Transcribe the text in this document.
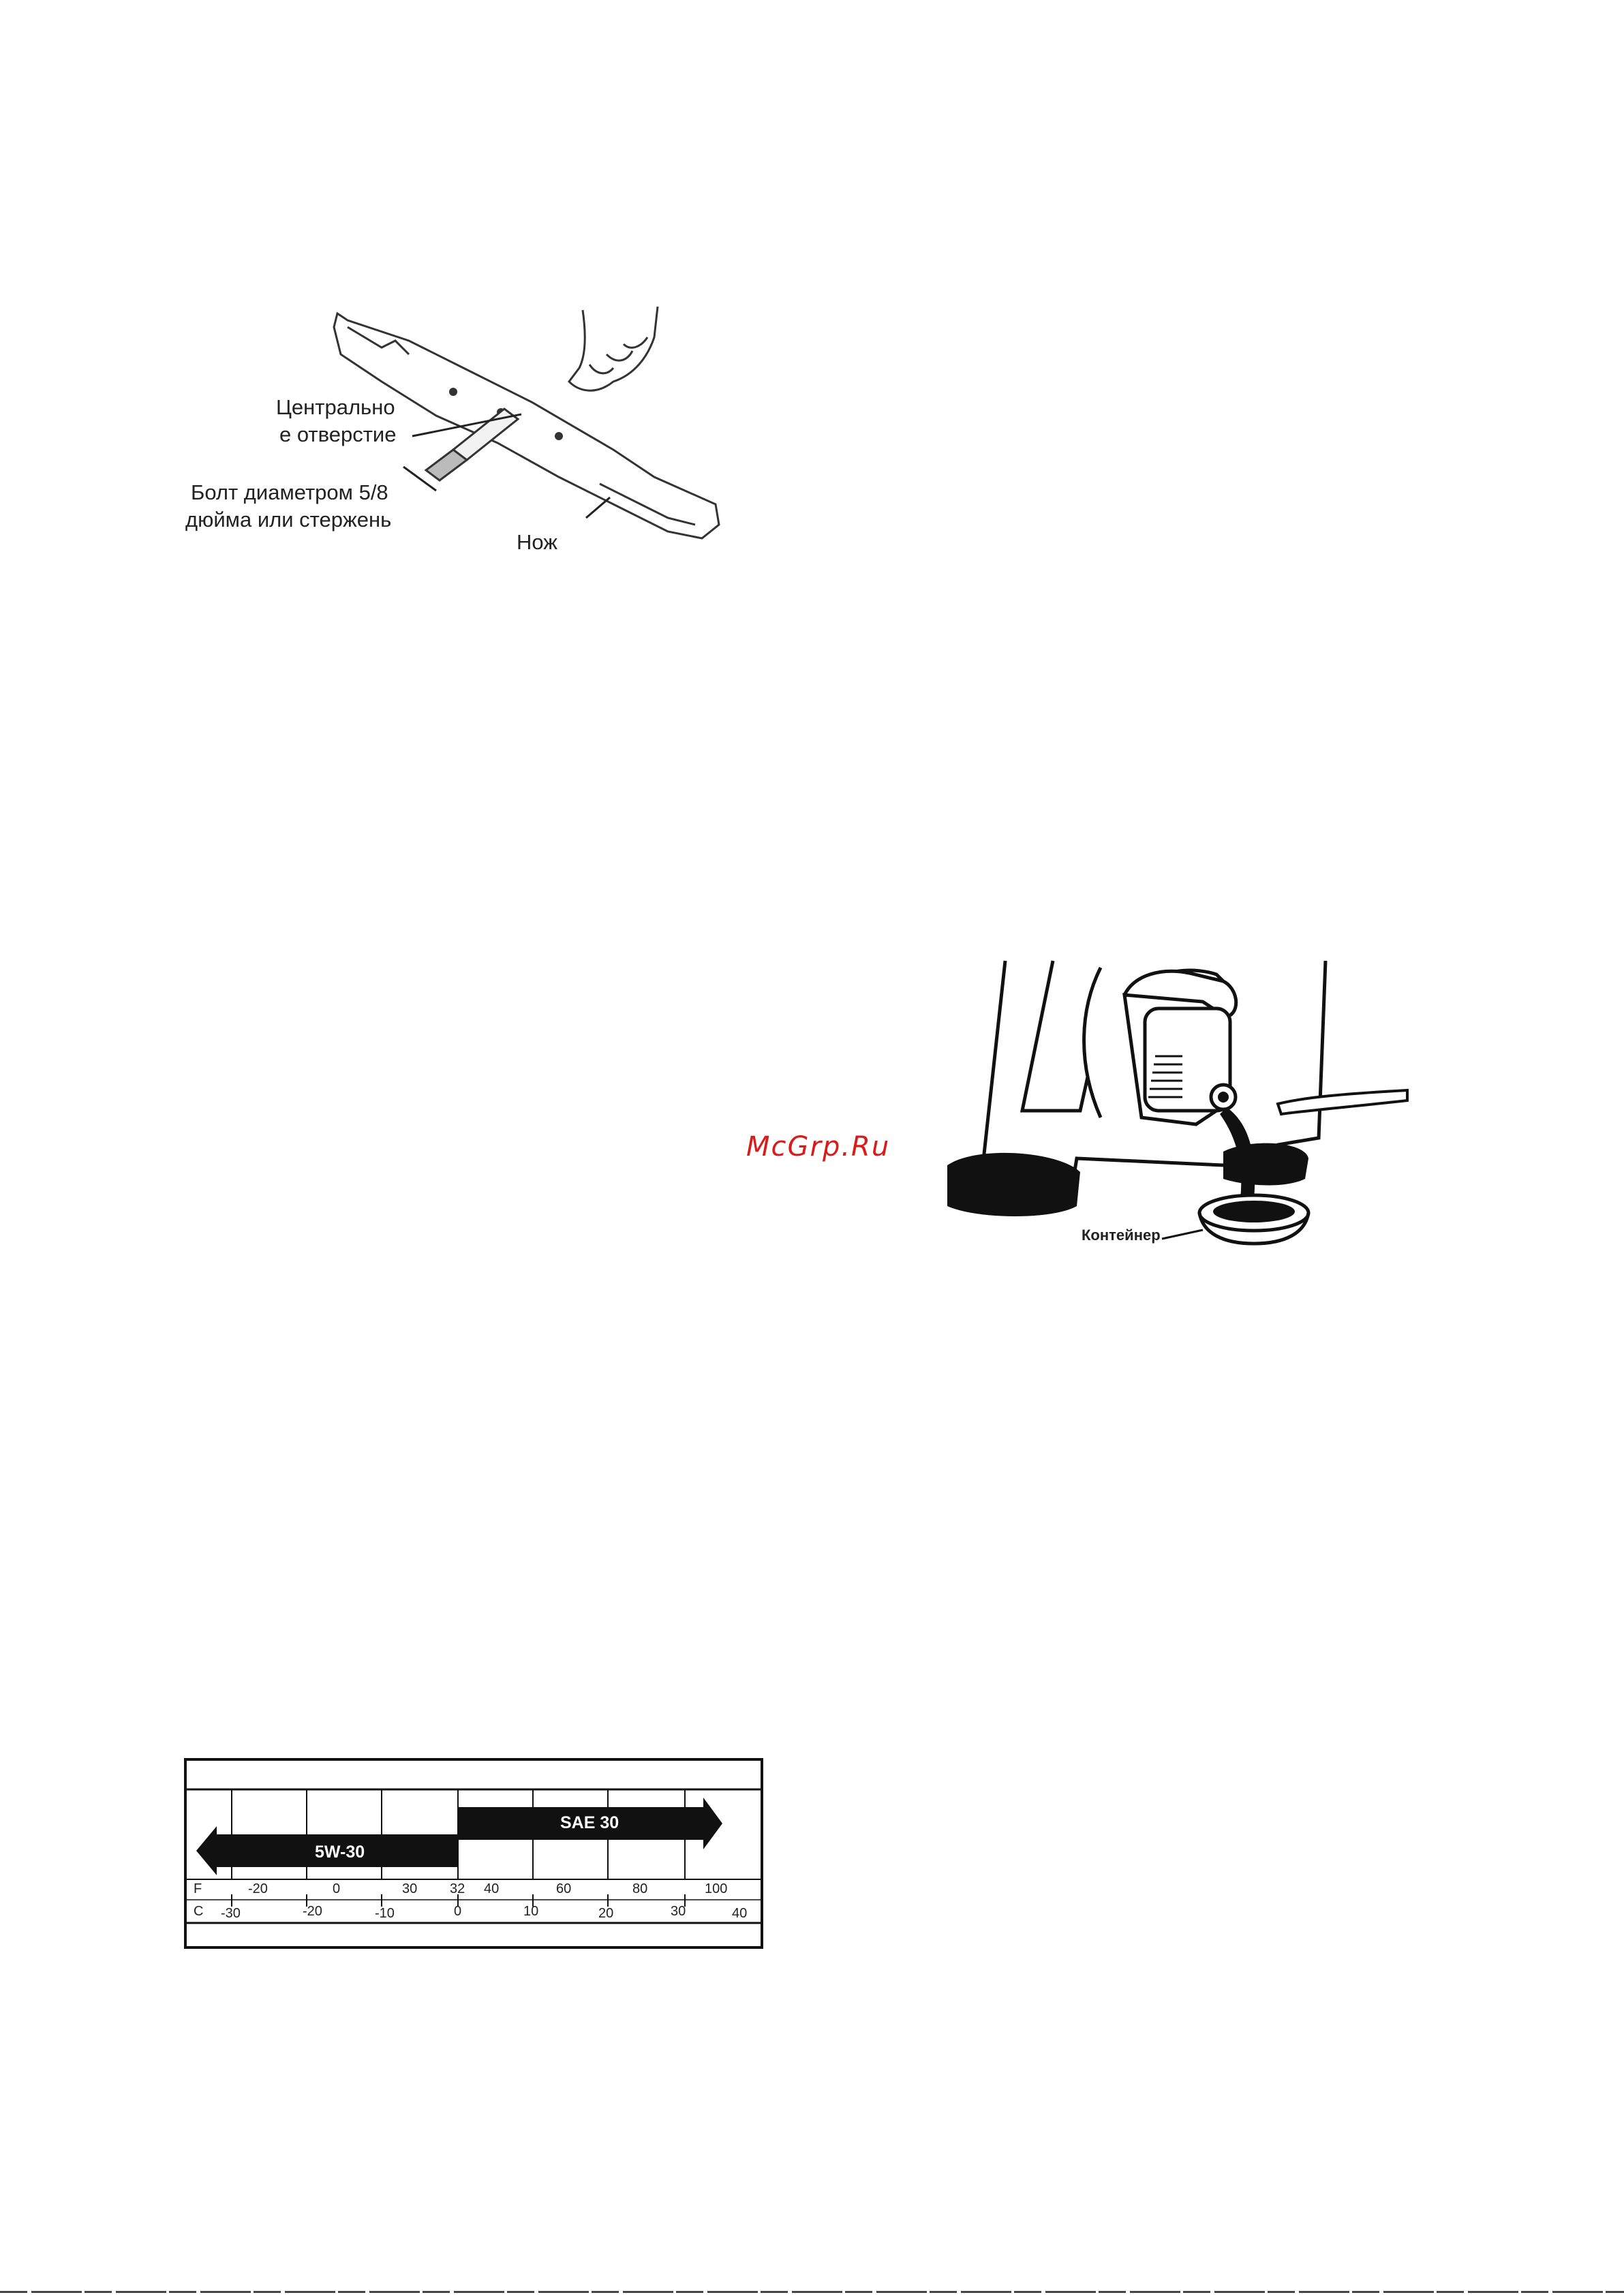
Центрально
е отверстие
Болт диаметром 5/8
дюйма или стержень
Нож
McGrp.Ru
Контейнер
SAE 30
5W-30
F	-20	0	30 32 40	60	80	100
C -30	-20	-10	0	10	20	30	40
